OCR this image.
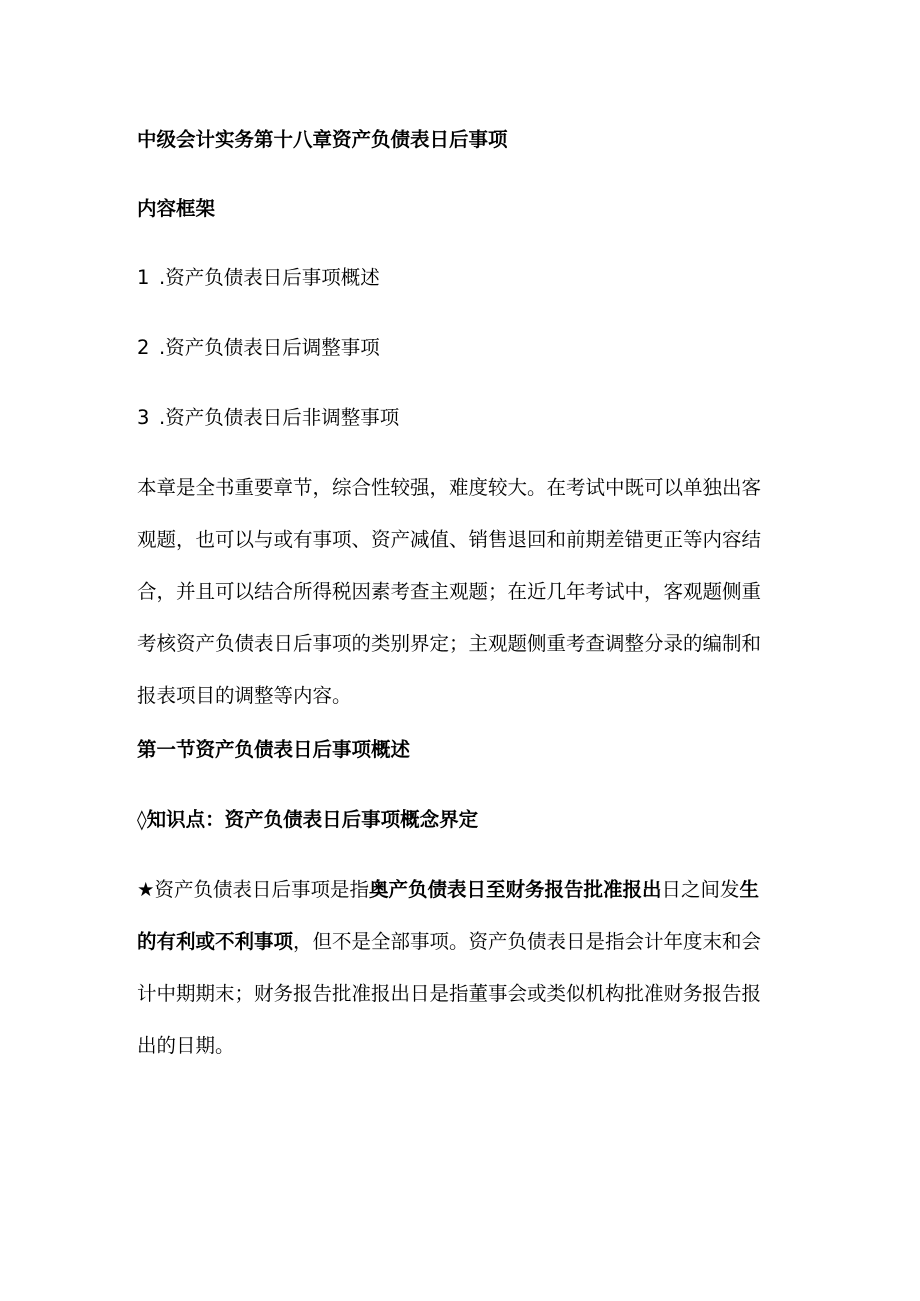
中级会计实务第十八章资产负债表日后事项
内容框架
1 .资产负债表日后事项概述
2 .资产负债表日后调整事项
3 .资产负债表日后非调整事项
本章是全书重要章节，综合性较强，难度较大。在考试中既可以单独出客
观题，也可以与或有事项、资产减值、销售退回和前期差错更正等内容结
合，并且可以结合所得税因素考查主观题；在近几年考试中，客观题侧重
考核资产负债表日后事项的类别界定；主观题侧重考查调整分录的编制和
报表项目的调整等内容。
第一节资产负债表日后事项概述
◊知识点：资产负债表日后事项概念界定
★资产负债表日后事项是指奥产负债表日至财务报告批准报出日之间发生
的有利或不利事项，但不是全部事项。资产负债表日是指会计年度末和会
计中期期末；财务报告批准报出日是指董事会或类似机构批准财务报告报
出的日期。
